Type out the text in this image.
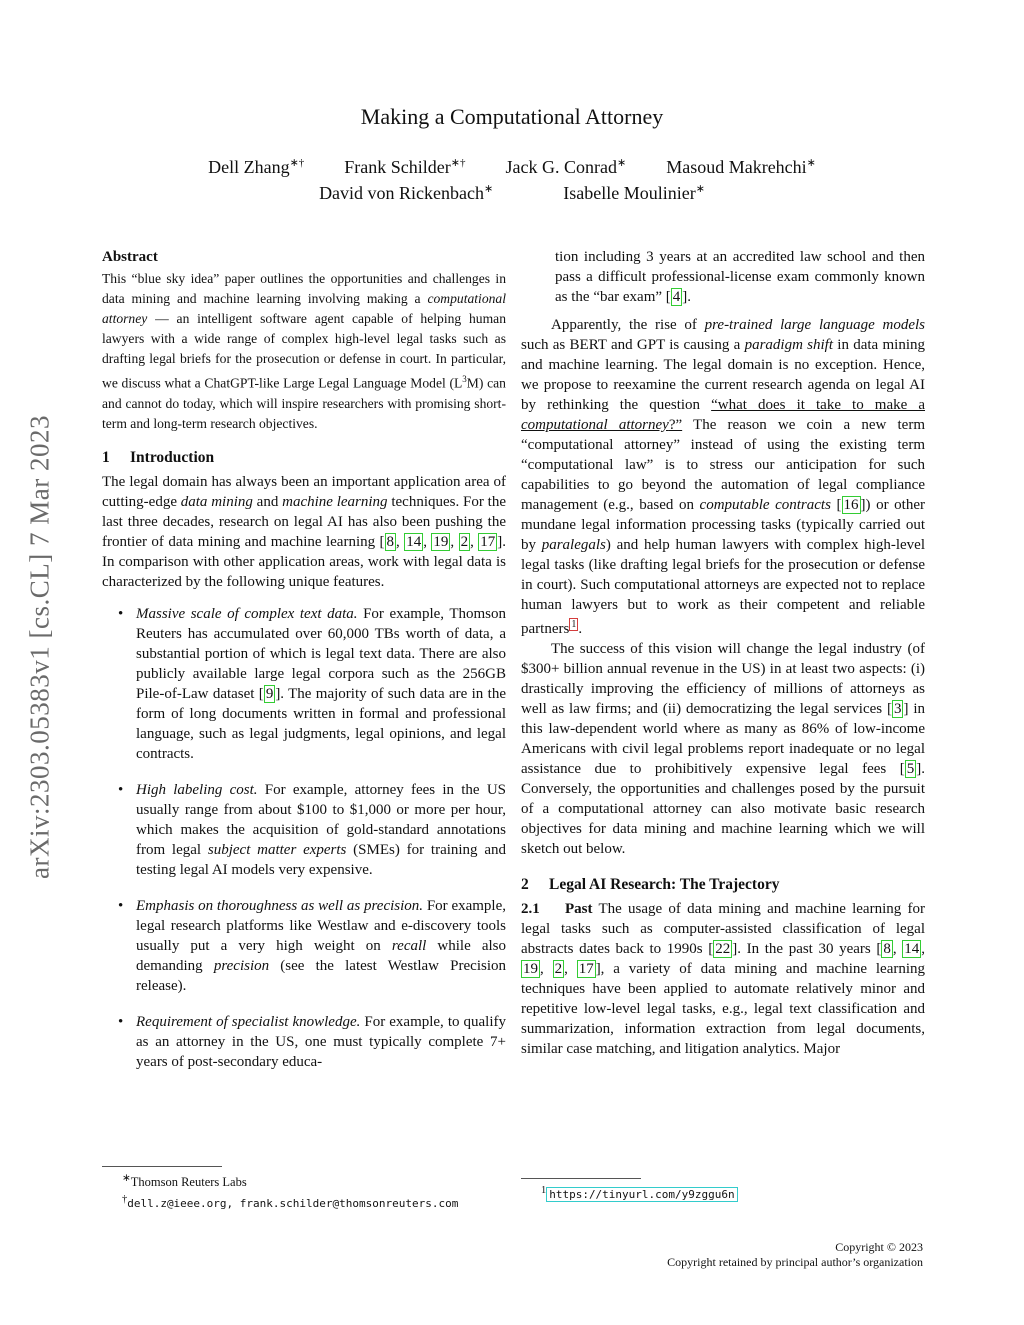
arXiv:2303.05383v1 [cs.CL] 7 Mar 2023
Making a Computational Attorney
Dell Zhang∗† Frank Schilder∗† Jack G. Conrad∗ Masoud Makrehchi∗
David von Rickenbach∗	Isabelle Moulinier∗
Abstract

This “blue sky idea” paper outlines the opportunities and challenges in data mining and machine learning involving making a computational attorney — an intelligent software agent capable of helping human lawyers with a wide range of complex high-level legal tasks such as drafting legal briefs for the prosecution or defense in court. In particular, we discuss what a ChatGPT-like Large Legal Language Model $(L^3M)$ can and cannot do today, which will inspire researchers with promising short-term and long-term research objectives.

1 Introduction

The legal domain has always been an important application area of cutting-edge data mining and machine learning techniques. For the last three decades, research on legal AI has also been pushing the frontier of data mining and machine learning [ 8 , 14 , 19 , 2 , 17 ]. In comparison with other application areas, work with legal data is characterized by the following unique features.

• Massive scale of complex text data. For example, Thomson Reuters has accumulated over 60,000 TBs worth of data, a substantial portion of which is legal text data. There are also publicly available large legal corpora such as the 256GB Pile-of-Law dataset [ 9 ]. The majority of such data are in the form of long documents written in formal and professional language, such as legal judgments, legal opinions, and legal contracts.
• High labeling cost. For example, attorney fees in the US usually range from about $100 to $1,000 or more per hour, which makes the acquisition of gold-standard annotations from legal subject matter experts (SMEs) for training and testing legal AI models very expensive.
• Emphasis on thoroughness as well as precision. For example, legal research platforms like Westlaw and e-discovery tools usually put a very high weight on recall while also demanding precision (see the latest Westlaw Precision release).
• Requirement of specialist knowledge. For example, to qualify as an attorney in the US, one must typically complete 7+ years of post-secondary educa-

tion including 3 years at an accredited law school and then pass a difficult professional-license exam commonly known as the “bar exam” [ 4 ].

Apparently, the rise of pre-trained large language models such as BERT and GPT is causing a paradigm shift in data mining and machine learning. The legal domain is no exception. Hence, we propose to reexamine the current research agenda on legal AI by rethinking the question “what does it take to make a computational attorney?” The reason we coin a new term “computational attorney” instead of using the existing term “computational law” is to stress our anticipation for such capabilities to go beyond the automation of legal compliance management (e.g., based on computable contracts [ 16 ]) or other mundane legal information processing tasks (typically carried out by paralegals) and help human lawyers with complex high-level legal tasks (like drafting legal briefs for the prosecution or defense in court). Such computational attorneys are expected not to replace human lawyers but to work as their competent and reliable partners $^1$ .

The success of this vision will change the legal industry (of $300+ billion annual revenue in the US) in at least two aspects: (i) drastically improving the efficiency of millions of attorneys as well as law firms; and (ii) democratizing the legal services [ 3 ] in this law-dependent world where as many as 86% of low-income Americans with civil legal problems report inadequate or no legal assistance due to prohibitively expensive legal fees [ 5 ]. Conversely, the opportunities and challenges posed by the pursuit of a computational attorney can also motivate basic research objectives for data mining and machine learning which we will sketch out below.

2 Legal AI Research: The Trajectory

2.1 Past The usage of data mining and machine learning for legal tasks such as computer-assisted classification of legal abstracts dates back to 1990s [ 22 ]. In the past 30 years [ 8 , 14 , 19 , 2 , 17 ], a variety of data mining and machine learning techniques have been applied to automate relatively minor and repetitive low-level legal tasks, e.g., legal text classification and summarization, information extraction from legal documents, similar case matching, and litigation analytics. Major

∗Thomson Reuters Labs
†dell.z@ieee.org, frank.schilder@thomsonreuters.com
$^1$ https://tinyurl.com/y9zggu6n
Copyright © 2023
Copyright retained by principal author’s organization
